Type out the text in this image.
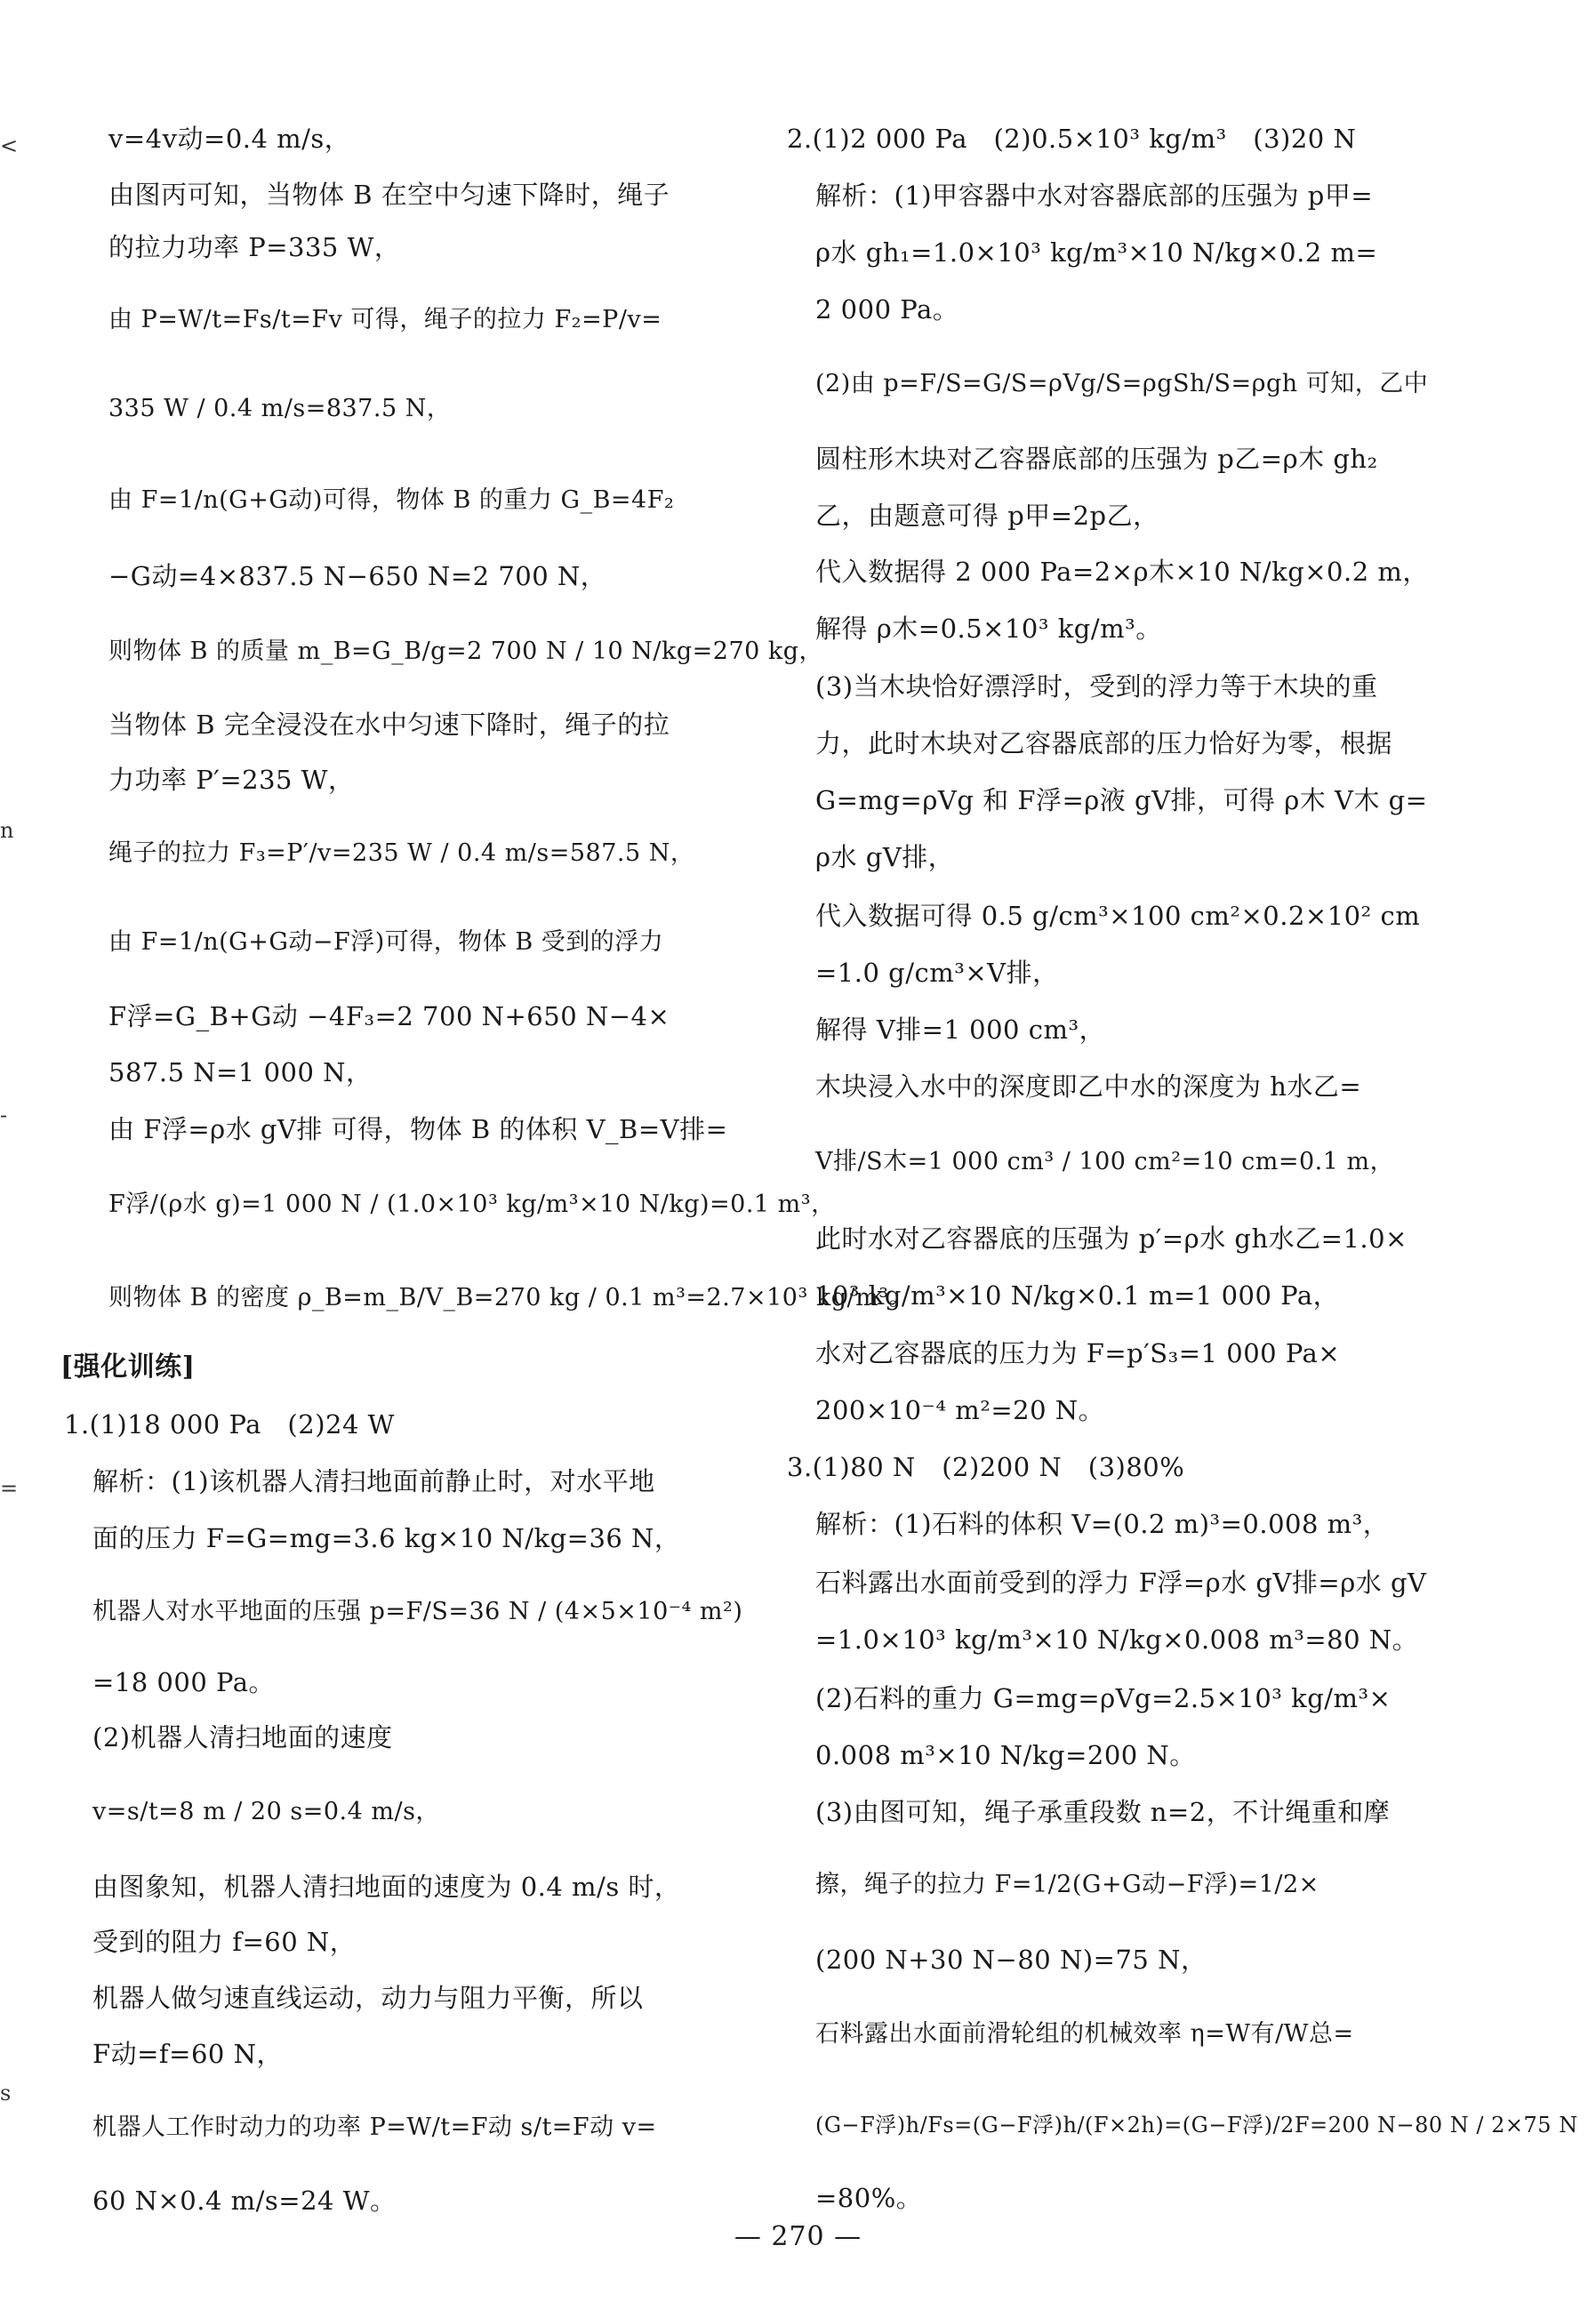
<
n
-
s
=
v=4v动=0.4 m/s，
由图丙可知，当物体 B 在空中匀速下降时，绳子
的拉力功率 P=335 W，
由 P=W/t=Fs/t=Fv 可得，绳子的拉力 F₂=P/v=
335 W / 0.4 m/s=837.5 N，
由 F=1/n(G+G动)可得，物体 B 的重力 G_B=4F₂
−G动=4×837.5 N−650 N=2 700 N，
则物体 B 的质量 m_B=G_B/g=2 700 N / 10 N/kg=270 kg，
当物体 B 完全浸没在水中匀速下降时，绳子的拉
力功率 P′=235 W，
绳子的拉力 F₃=P′/v=235 W / 0.4 m/s=587.5 N，
由 F=1/n(G+G动−F浮)可得，物体 B 受到的浮力
F浮=G_B+G动 −4F₃=2 700 N+650 N−4×
587.5 N=1 000 N，
由 F浮=ρ水 gV排 可得，物体 B 的体积 V_B=V排=
F浮/(ρ水 g)=1 000 N / (1.0×10³ kg/m³×10 N/kg)=0.1 m³，
则物体 B 的密度 ρ_B=m_B/V_B=270 kg / 0.1 m³=2.7×10³ kg/m³。
[强化训练]
1.(1)18 000 Pa　(2)24 W
解析：(1)该机器人清扫地面前静止时，对水平地
面的压力 F=G=mg=3.6 kg×10 N/kg=36 N，
机器人对水平地面的压强 p=F/S=36 N / (4×5×10⁻⁴ m²)
=18 000 Pa。
(2)机器人清扫地面的速度
v=s/t=8 m / 20 s=0.4 m/s，
由图象知，机器人清扫地面的速度为 0.4 m/s 时，
受到的阻力 f=60 N，
机器人做匀速直线运动，动力与阻力平衡，所以
F动=f=60 N，
机器人工作时动力的功率 P=W/t=F动 s/t=F动 v=
60 N×0.4 m/s=24 W。
2.(1)2 000 Pa　(2)0.5×10³ kg/m³　(3)20 N
解析：(1)甲容器中水对容器底部的压强为 p甲=
ρ水 gh₁=1.0×10³ kg/m³×10 N/kg×0.2 m=
2 000 Pa。
(2)由 p=F/S=G/S=ρVg/S=ρgSh/S=ρgh 可知，乙中
圆柱形木块对乙容器底部的压强为 p乙=ρ木 gh₂
乙，由题意可得 p甲=2p乙，
代入数据得 2 000 Pa=2×ρ木×10 N/kg×0.2 m，
解得 ρ木=0.5×10³ kg/m³。
(3)当木块恰好漂浮时，受到的浮力等于木块的重
力，此时木块对乙容器底部的压力恰好为零，根据
G=mg=ρVg 和 F浮=ρ液 gV排，可得 ρ木 V木 g=
ρ水 gV排，
代入数据可得 0.5 g/cm³×100 cm²×0.2×10² cm
=1.0 g/cm³×V排，
解得 V排=1 000 cm³，
木块浸入水中的深度即乙中水的深度为 h水乙=
V排/S木=1 000 cm³ / 100 cm²=10 cm=0.1 m，
此时水对乙容器底的压强为 p′=ρ水 gh水乙=1.0×
10³ kg/m³×10 N/kg×0.1 m=1 000 Pa，
水对乙容器底的压力为 F=p′S₃=1 000 Pa×
200×10⁻⁴ m²=20 N。
3.(1)80 N　(2)200 N　(3)80%
解析：(1)石料的体积 V=(0.2 m)³=0.008 m³，
石料露出水面前受到的浮力 F浮=ρ水 gV排=ρ水 gV
=1.0×10³ kg/m³×10 N/kg×0.008 m³=80 N。
(2)石料的重力 G=mg=ρVg=2.5×10³ kg/m³×
0.008 m³×10 N/kg=200 N。
(3)由图可知，绳子承重段数 n=2，不计绳重和摩
擦，绳子的拉力 F=1/2(G+G动−F浮)=1/2×
(200 N+30 N−80 N)=75 N，
石料露出水面前滑轮组的机械效率 η=W有/W总=
(G−F浮)h/Fs=(G−F浮)h/(F×2h)=(G−F浮)/2F=200 N−80 N / 2×75 N
=80%。
— 270 —
